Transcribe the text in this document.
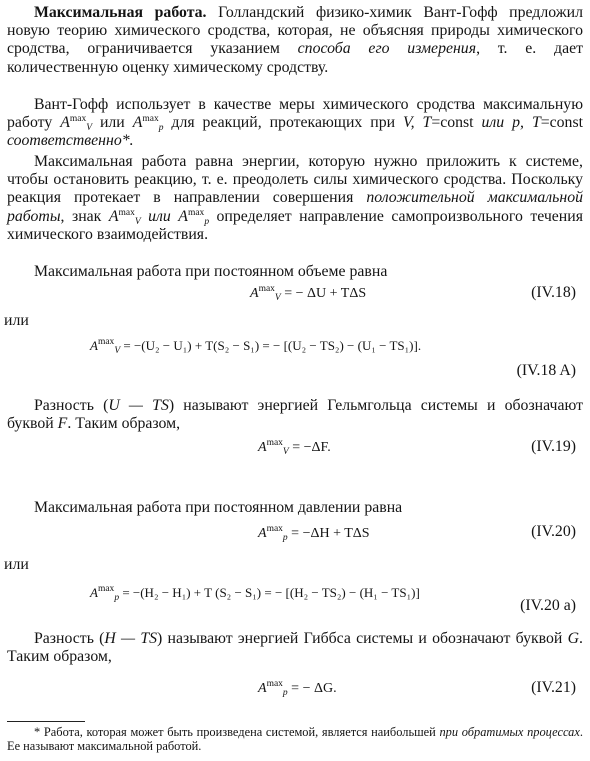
Максимальная работа. Голландский физико-химик Вант-Гофф предложил новую теорию химического сродства, которая, не объясняя природы химического сродства, ограничивается указанием способа его измерения, т. е. дает количественную оценку химическому сродству.

Вант-Гофф использует в качестве меры химического сродства максимальную работу $A^{max}_V$ или $A^{max}_p$ для реакций, протекающих при V, T=const или p, T=const соответственно*.

Максимальная работа равна энергии, которую нужно приложить к системе, чтобы остановить реакцию, т. е. преодолеть силы химического сродства. Поскольку реакция протекает в направлении совершения положительной максимальной работы, знак $A^{max}_V$ или $A^{max}_p$ определяет направление самопроизвольного течения химического взаимодействия.

Максимальная работа при постоянном объеме равна

$A^{max}_V$ = − ΔU + TΔS	(IV.18)
или
$A^{max}_V = -(U_2 - U_1) + T(S_2 - S_1)$ = − [(U₂ − TS₂) − (U₁ − TS₁)].
(IV.18 A)

Разность (U — TS) называют энергией Гельмгольца системы и обозначают буквой F. Таким образом,

$A^{max}_V = -\Delta F$.	(IV.19)

Максимальная работа при постоянном давлении равна

$A^{max}_p = -\Delta H + T\Delta S$	(IV.20)
или
$A^{max}_p = -(H_2 - H_1) + T$ (S₂ − S₁) = − [(H₂ − TS₂) − (H₁ − TS₁)]
(IV.20 a)

Разность (H — TS) называют энергией Гиббса системы и обозначают буквой G. Таким образом,

$A^{max}_p$ = − ΔG.	(IV.21)

* Работа, которая может быть произведена системой, является наибольшей при обратимых процессах. Ее называют максимальной работой.
